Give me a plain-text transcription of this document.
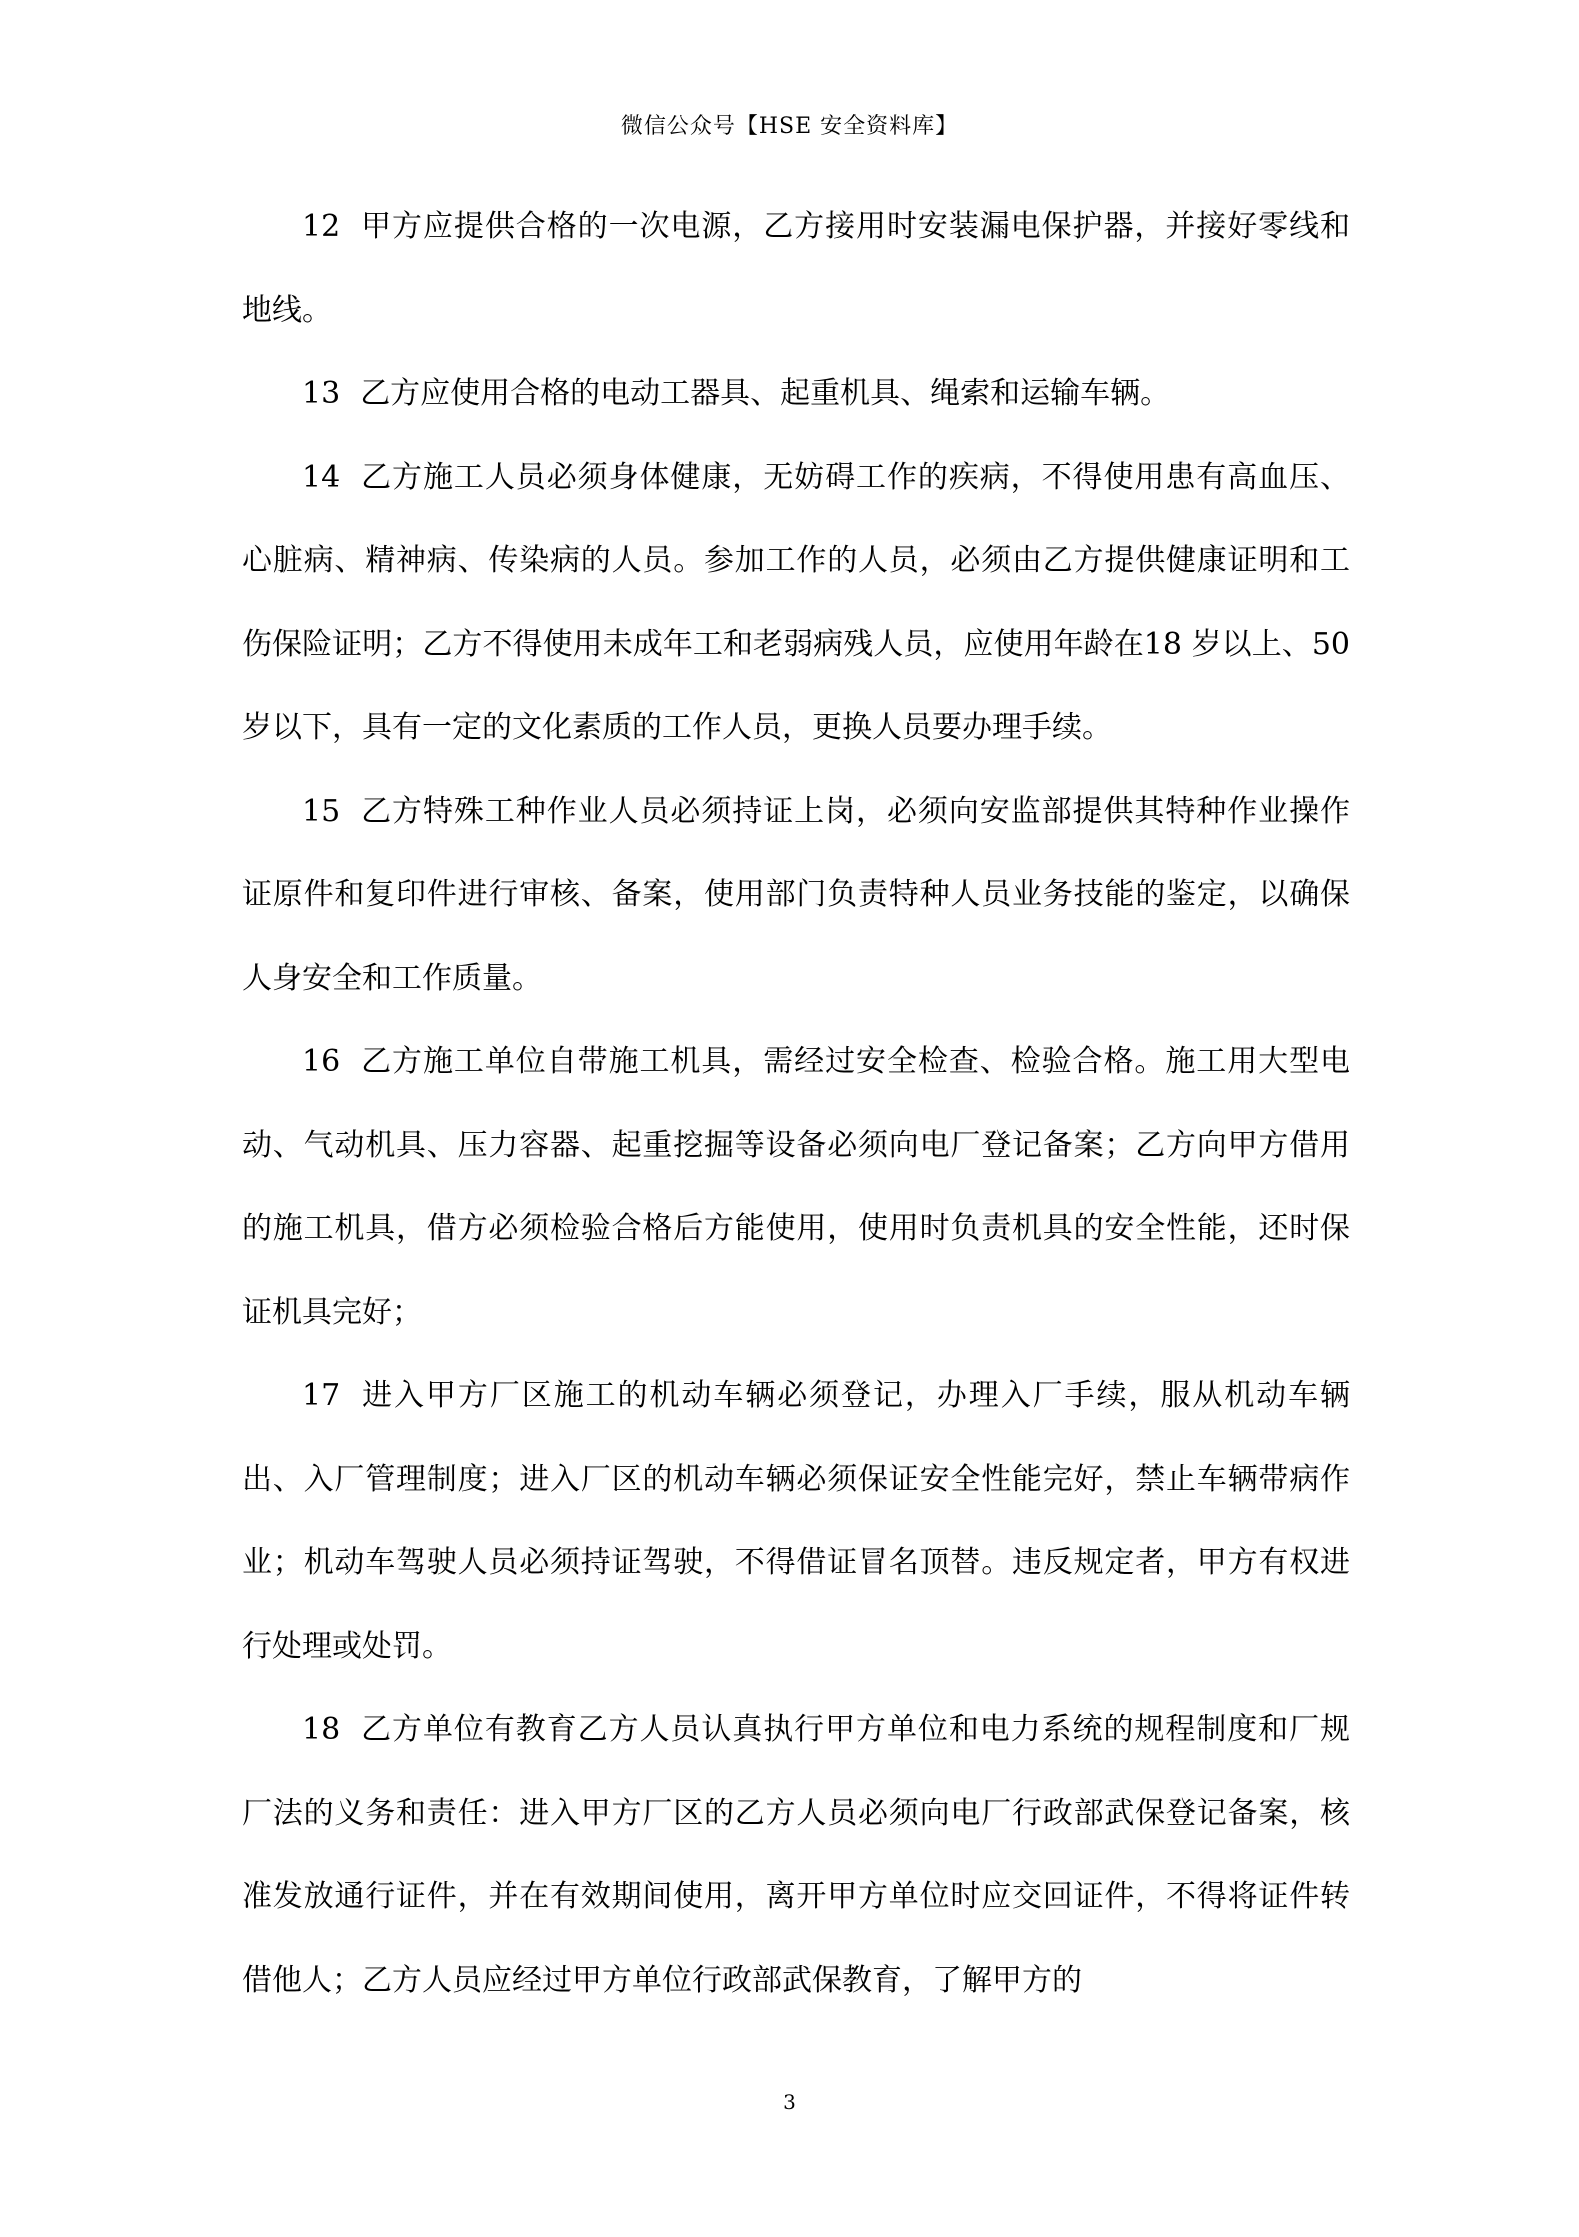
微信公众号【HSE 安全资料库】

12 甲方应提供合格的一次电源，乙方接用时安装漏电保护器，并接好零线和地线。

13 乙方应使用合格的电动工器具、起重机具、绳索和运输车辆。

14 乙方施工人员必须身体健康，无妨碍工作的疾病，不得使用患有高血压、心脏病、精神病、传染病的人员。参加工作的人员，必须由乙方提供健康证明和工伤保险证明；乙方不得使用未成年工和老弱病残人员，应使用年龄在18 岁以上、50 岁以下，具有一定的文化素质的工作人员，更换人员要办理手续。

15 乙方特殊工种作业人员必须持证上岗，必须向安监部提供其特种作业操作证原件和复印件进行审核、备案，使用部门负责特种人员业务技能的鉴定，以确保人身安全和工作质量。

16 乙方施工单位自带施工机具，需经过安全检查、检验合格。施工用大型电动、气动机具、压力容器、起重挖掘等设备必须向电厂登记备案；乙方向甲方借用的施工机具，借方必须检验合格后方能使用，使用时负责机具的安全性能，还时保证机具完好；

17 进入甲方厂区施工的机动车辆必须登记，办理入厂手续，服从机动车辆出、入厂管理制度；进入厂区的机动车辆必须保证安全性能完好，禁止车辆带病作业；机动车驾驶人员必须持证驾驶，不得借证冒名顶替。违反规定者，甲方有权进行处理或处罚。

18 乙方单位有教育乙方人员认真执行甲方单位和电力系统的规程制度和厂规厂法的义务和责任：进入甲方厂区的乙方人员必须向电厂行政部武保登记备案，核准发放通行证件，并在有效期间使用，离开甲方单位时应交回证件，不得将证件转借他人；乙方人员应经过甲方单位行政部武保教育，了解甲方的

3
